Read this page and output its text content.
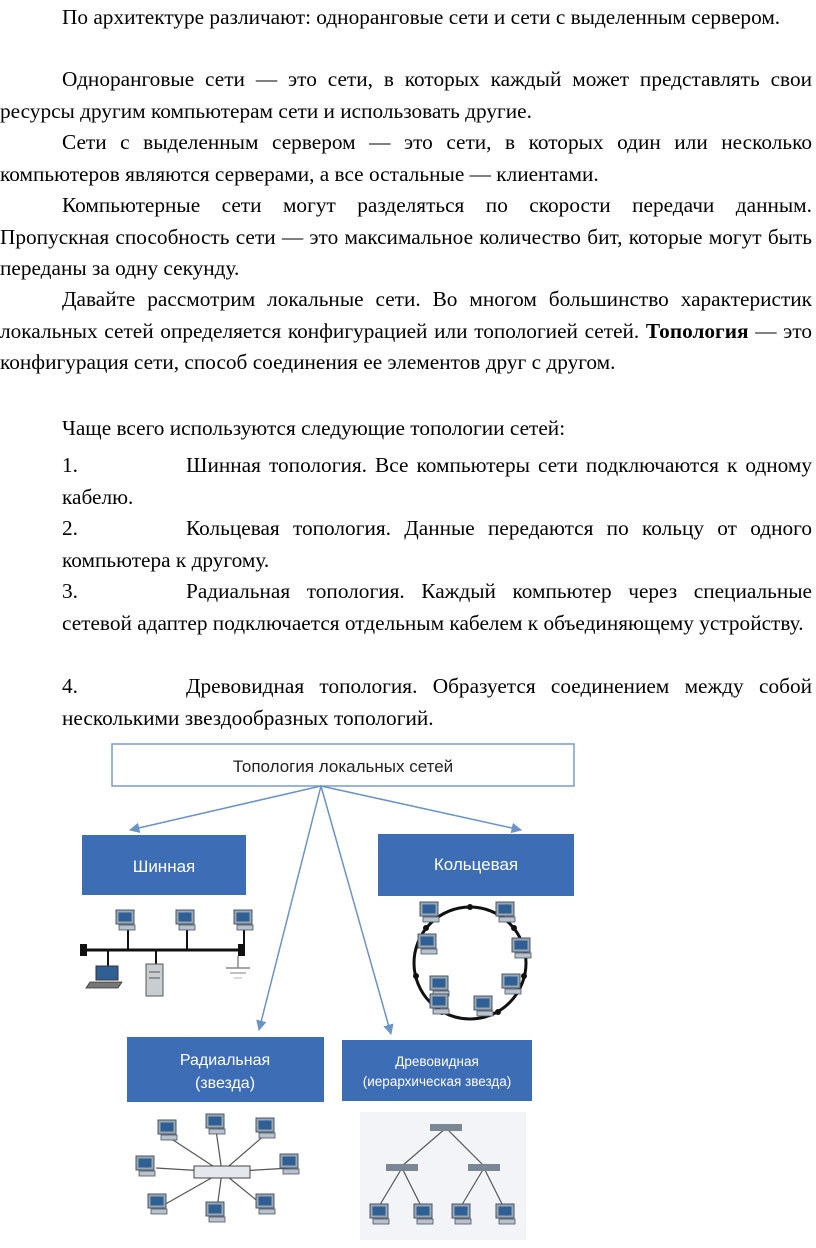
По архитектуре различают: одноранговые сети и сети с выделенным сервером.

Одноранговые сети — это сети, в которых каждый может представлять свои ресурсы другим компьютерам сети и использовать другие.

Сети с выделенным сервером — это сети, в которых один или несколько компьютеров являются серверами, а все остальные — клиентами.

Компьютерные сети могут разделяться по скорости передачи данным. Пропускная способность сети — это максимальное количество бит, которые могут быть переданы за одну секунду.

Давайте рассмотрим локальные сети. Во многом большинство характеристик локальных сетей определяется конфигурацией или топологией сетей. Топология — это конфигурация сети, способ соединения ее элементов друг с другом.

Чаще всего используются следующие топологии сетей:

1.	Шинная топология. Все компьютеры сети подключаются к одному кабелю.

2.	Кольцевая топология. Данные передаются по кольцу от одного компьютера к другому.

3.	Радиальная топология. Каждый компьютер через специальные сетевой адаптер подключается отдельным кабелем к объединяющему устройству.

4.	Древовидная топология. Образуется соединением между собой несколькими звездообразных топологий.

Топология локальных сетей
Шинная	Кольцевая
Радиальная
(звезда)
Древовидная
(иерархическая звезда)
